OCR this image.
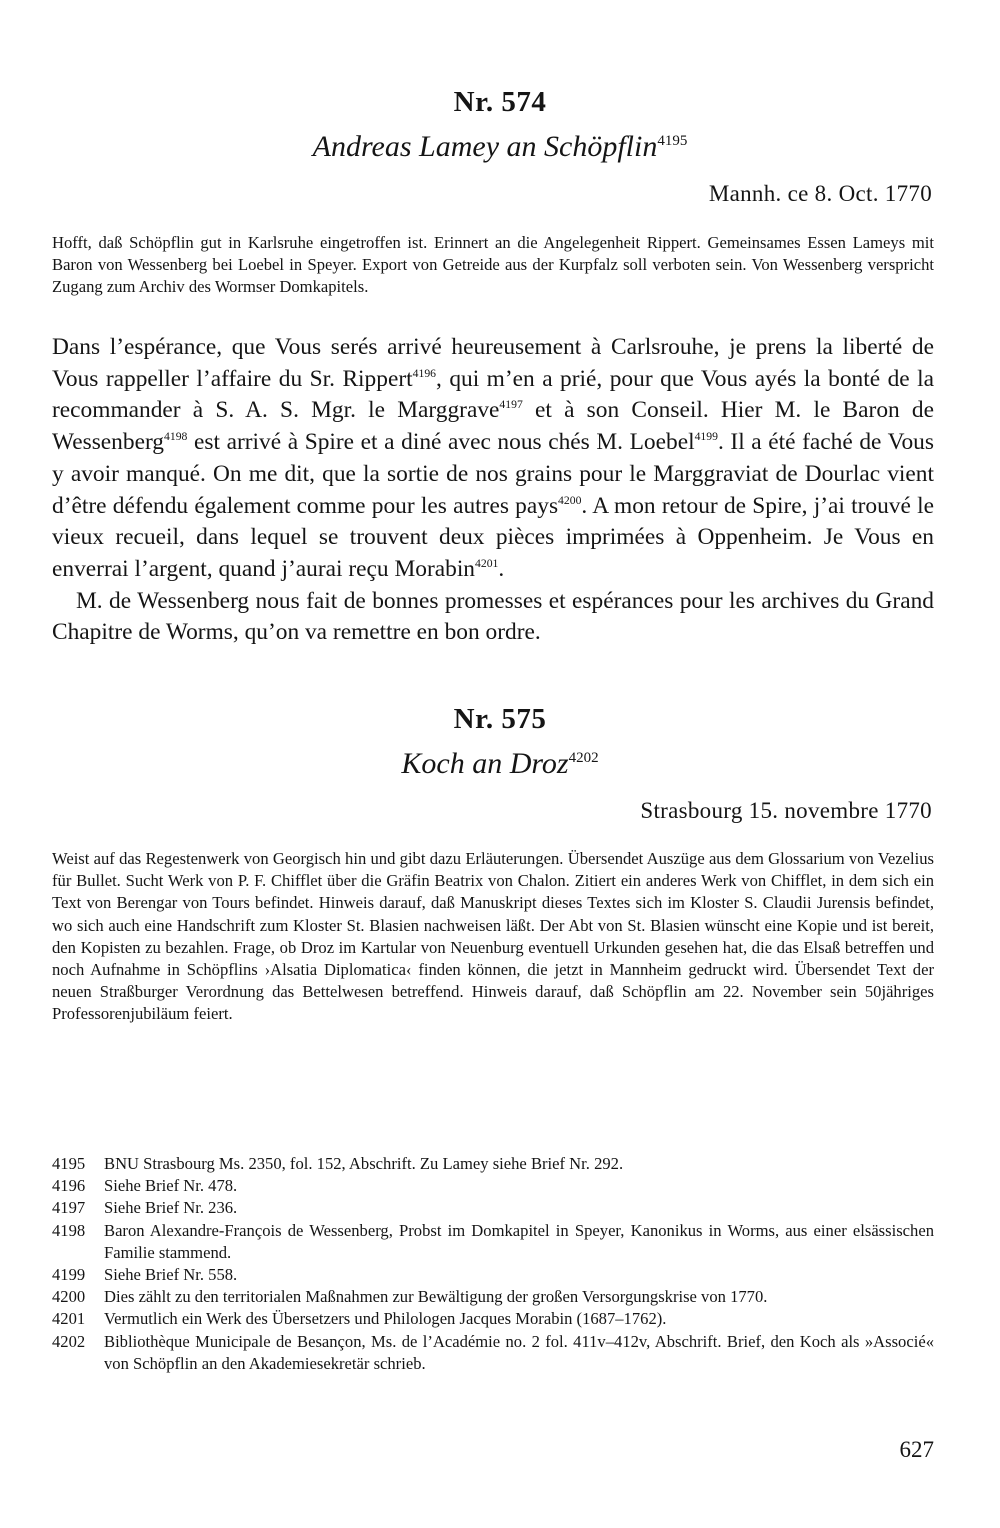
Nr. 574
Andreas Lamey an Schöpflin$^{4195}$
Mannh. ce 8. Oct. 1770

Hofft, daß Schöpflin gut in Karlsruhe eingetroffen ist. Erinnert an die Angelegenheit Rippert. Gemeinsames Essen Lameys mit Baron von Wessenberg bei Loebel in Speyer. Export von Getreide aus der Kurpfalz soll verboten sein. Von Wessenberg verspricht Zugang zum Archiv des Wormser Domkapitels.

Dans l’espérance, que Vous serés arrivé heureusement à Carlsrouhe, je prens la liberté de Vous rappeller l’affaire du Sr. Rippert$^{4196}$, qui m’en a prié, pour que Vous ayés la bonté de la recommander à S. A. S. Mgr. le Marggrave$^{4197}$ et à son Conseil. Hier M. le Baron de Wessenberg$^{4198}$ est arrivé à Spire et a diné avec nous chés M. Loebel$^{4199}$. Il a été faché de Vous y avoir manqué. On me dit, que la sortie de nos grains pour le Marggraviat de Dourlac vient d’être défendu également comme pour les autres pays$^{4200}$. A mon retour de Spire, j’ai trouvé le vieux recueil, dans lequel se trouvent deux pièces imprimées à Oppenheim. Je Vous en enverrai l’argent, quand j’aurai reçu Morabin$^{4201}$.

M. de Wessenberg nous fait de bonnes promesses et espérances pour les archives du Grand Chapitre de Worms, qu’on va remettre en bon ordre.

Nr. 575
Koch an Droz$^{4202}$
Strasbourg 15. novembre 1770

Weist auf das Regestenwerk von Georgisch hin und gibt dazu Erläuterungen. Übersendet Auszüge aus dem Glossarium von Vezelius für Bullet. Sucht Werk von P. F. Chifflet über die Gräfin Beatrix von Chalon. Zitiert ein anderes Werk von Chifflet, in dem sich ein Text von Berengar von Tours befindet. Hinweis darauf, daß Manuskript dieses Textes sich im Kloster S. Claudii Jurensis befindet, wo sich auch eine Handschrift zum Kloster St. Blasien nachweisen läßt. Der Abt von St. Blasien wünscht eine Kopie und ist bereit, den Kopisten zu bezahlen. Frage, ob Droz im Kartular von Neuenburg eventuell Urkunden gesehen hat, die das Elsaß betreffen und noch Aufnahme in Schöpflins ›Alsatia Diplomatica‹ finden können, die jetzt in Mannheim gedruckt wird. Übersendet Text der neuen Straßburger Verordnung das Bettelwesen betreffend. Hinweis darauf, daß Schöpflin am 22. November sein 50jähriges Professorenjubiläum feiert.

4195	BNU Strasbourg Ms. 2350, fol. 152, Abschrift. Zu Lamey siehe Brief Nr. 292.
4196	Siehe Brief Nr. 478.
4197	Siehe Brief Nr. 236.
4198	Baron Alexandre-François de Wessenberg, Probst im Domkapitel in Speyer, Kanonikus in Worms, aus einer elsässischen Familie stammend.
4199	Siehe Brief Nr. 558.
4200	Dies zählt zu den territorialen Maßnahmen zur Bewältigung der großen Versorgungskrise von 1770.
4201	Vermutlich ein Werk des Übersetzers und Philologen Jacques Morabin (1687–1762).
4202	Bibliothèque Municipale de Besançon, Ms. de l’Académie no. 2 fol. 411v–412v, Abschrift. Brief, den Koch als »Associé« von Schöpflin an den Akademiesekretär schrieb.
627
